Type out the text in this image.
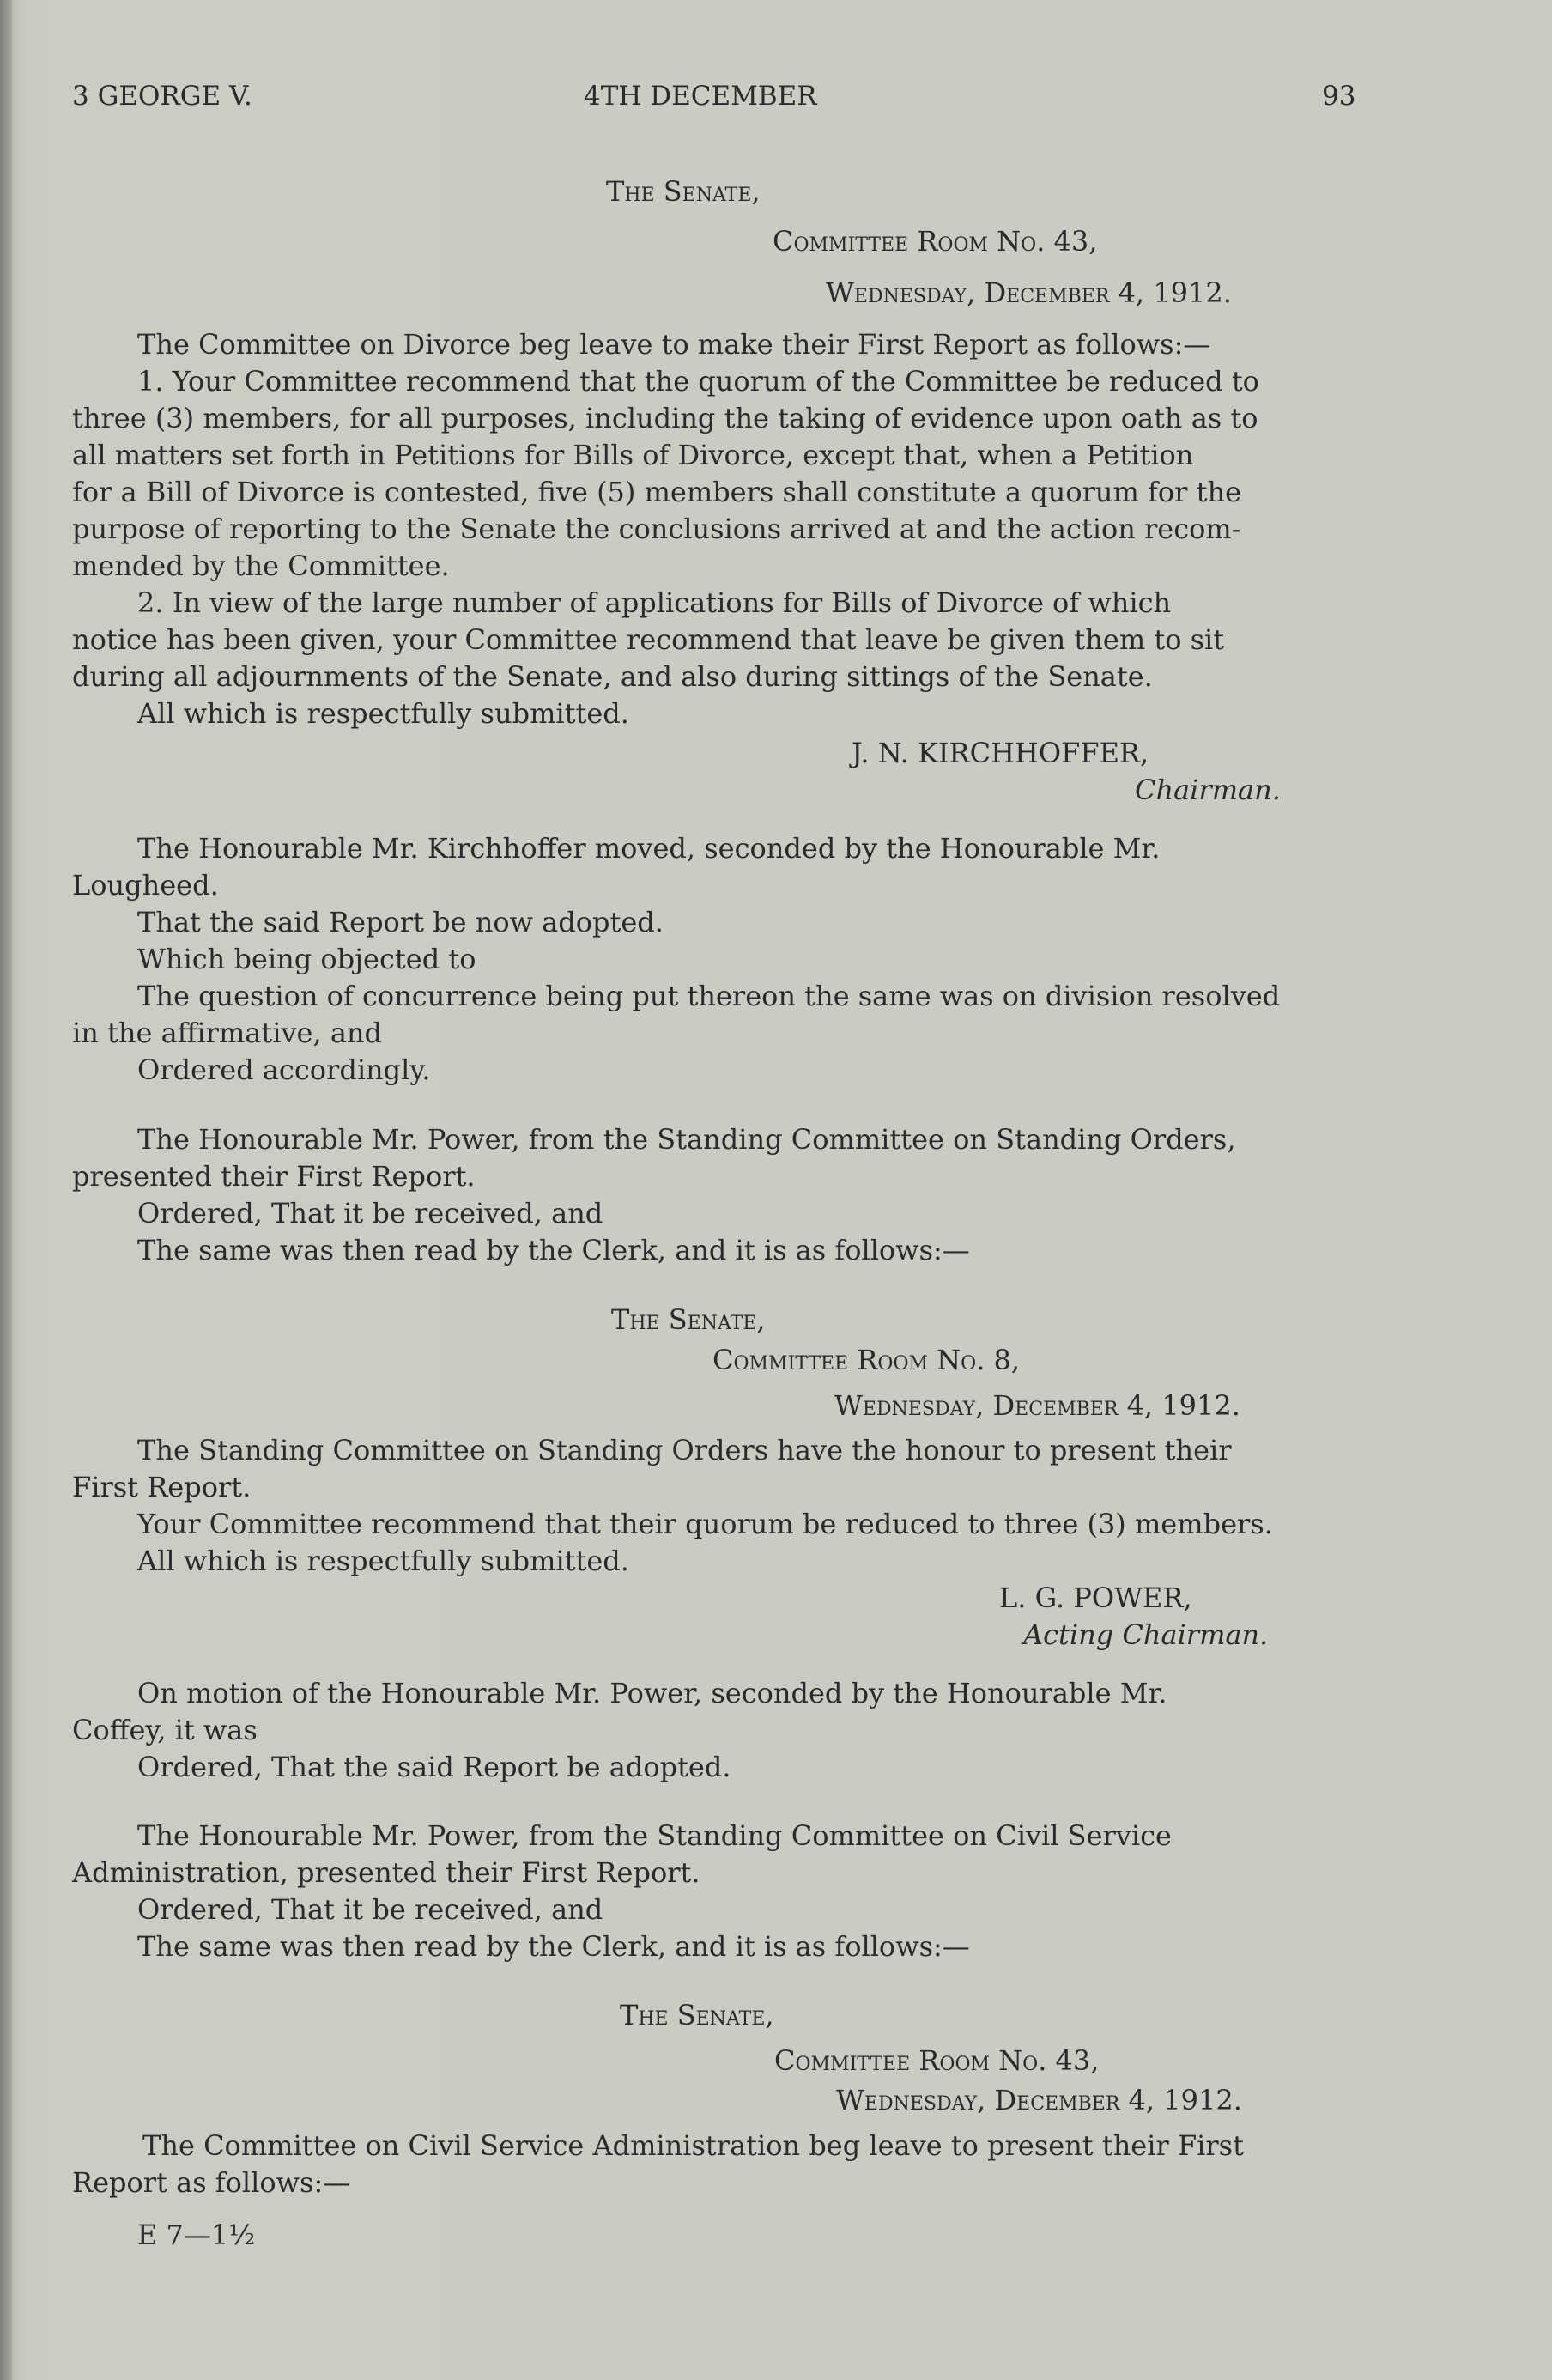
3 GEORGE V.	4TH DECEMBER	93
The Senate,
Committee Room No. 43,
Wednesday, December 4, 1912.
The Committee on Divorce beg leave to make their First Report as follows:—
1. Your Committee recommend that the quorum of the Committee be reduced to
three (3) members, for all purposes, including the taking of evidence upon oath as to
all matters set forth in Petitions for Bills of Divorce, except that, when a Petition
for a Bill of Divorce is contested, five (5) members shall constitute a quorum for the
purpose of reporting to the Senate the conclusions arrived at and the action recom-
mended by the Committee.
2. In view of the large number of applications for Bills of Divorce of which
notice has been given, your Committee recommend that leave be given them to sit
during all adjournments of the Senate, and also during sittings of the Senate.
All which is respectfully submitted.
J. N. KIRCHHOFFER,
Chairman.
The Honourable Mr. Kirchhoffer moved, seconded by the Honourable Mr.
Lougheed.
That the said Report be now adopted.
Which being objected to
The question of concurrence being put thereon the same was on division resolved
in the affirmative, and
Ordered accordingly.
The Honourable Mr. Power, from the Standing Committee on Standing Orders,
presented their First Report.
Ordered, That it be received, and
The same was then read by the Clerk, and it is as follows:—
The Senate,
Committee Room No. 8,
Wednesday, December 4, 1912.
The Standing Committee on Standing Orders have the honour to present their
First Report.
Your Committee recommend that their quorum be reduced to three (3) members.
All which is respectfully submitted.
L. G. POWER,
Acting Chairman.
On motion of the Honourable Mr. Power, seconded by the Honourable Mr.
Coffey, it was
Ordered, That the said Report be adopted.
The Honourable Mr. Power, from the Standing Committee on Civil Service
Administration, presented their First Report.
Ordered, That it be received, and
The same was then read by the Clerk, and it is as follows:—
The Senate,
Committee Room No. 43,
Wednesday, December 4, 1912.
The Committee on Civil Service Administration beg leave to present their First
Report as follows:—
E 7—1½
